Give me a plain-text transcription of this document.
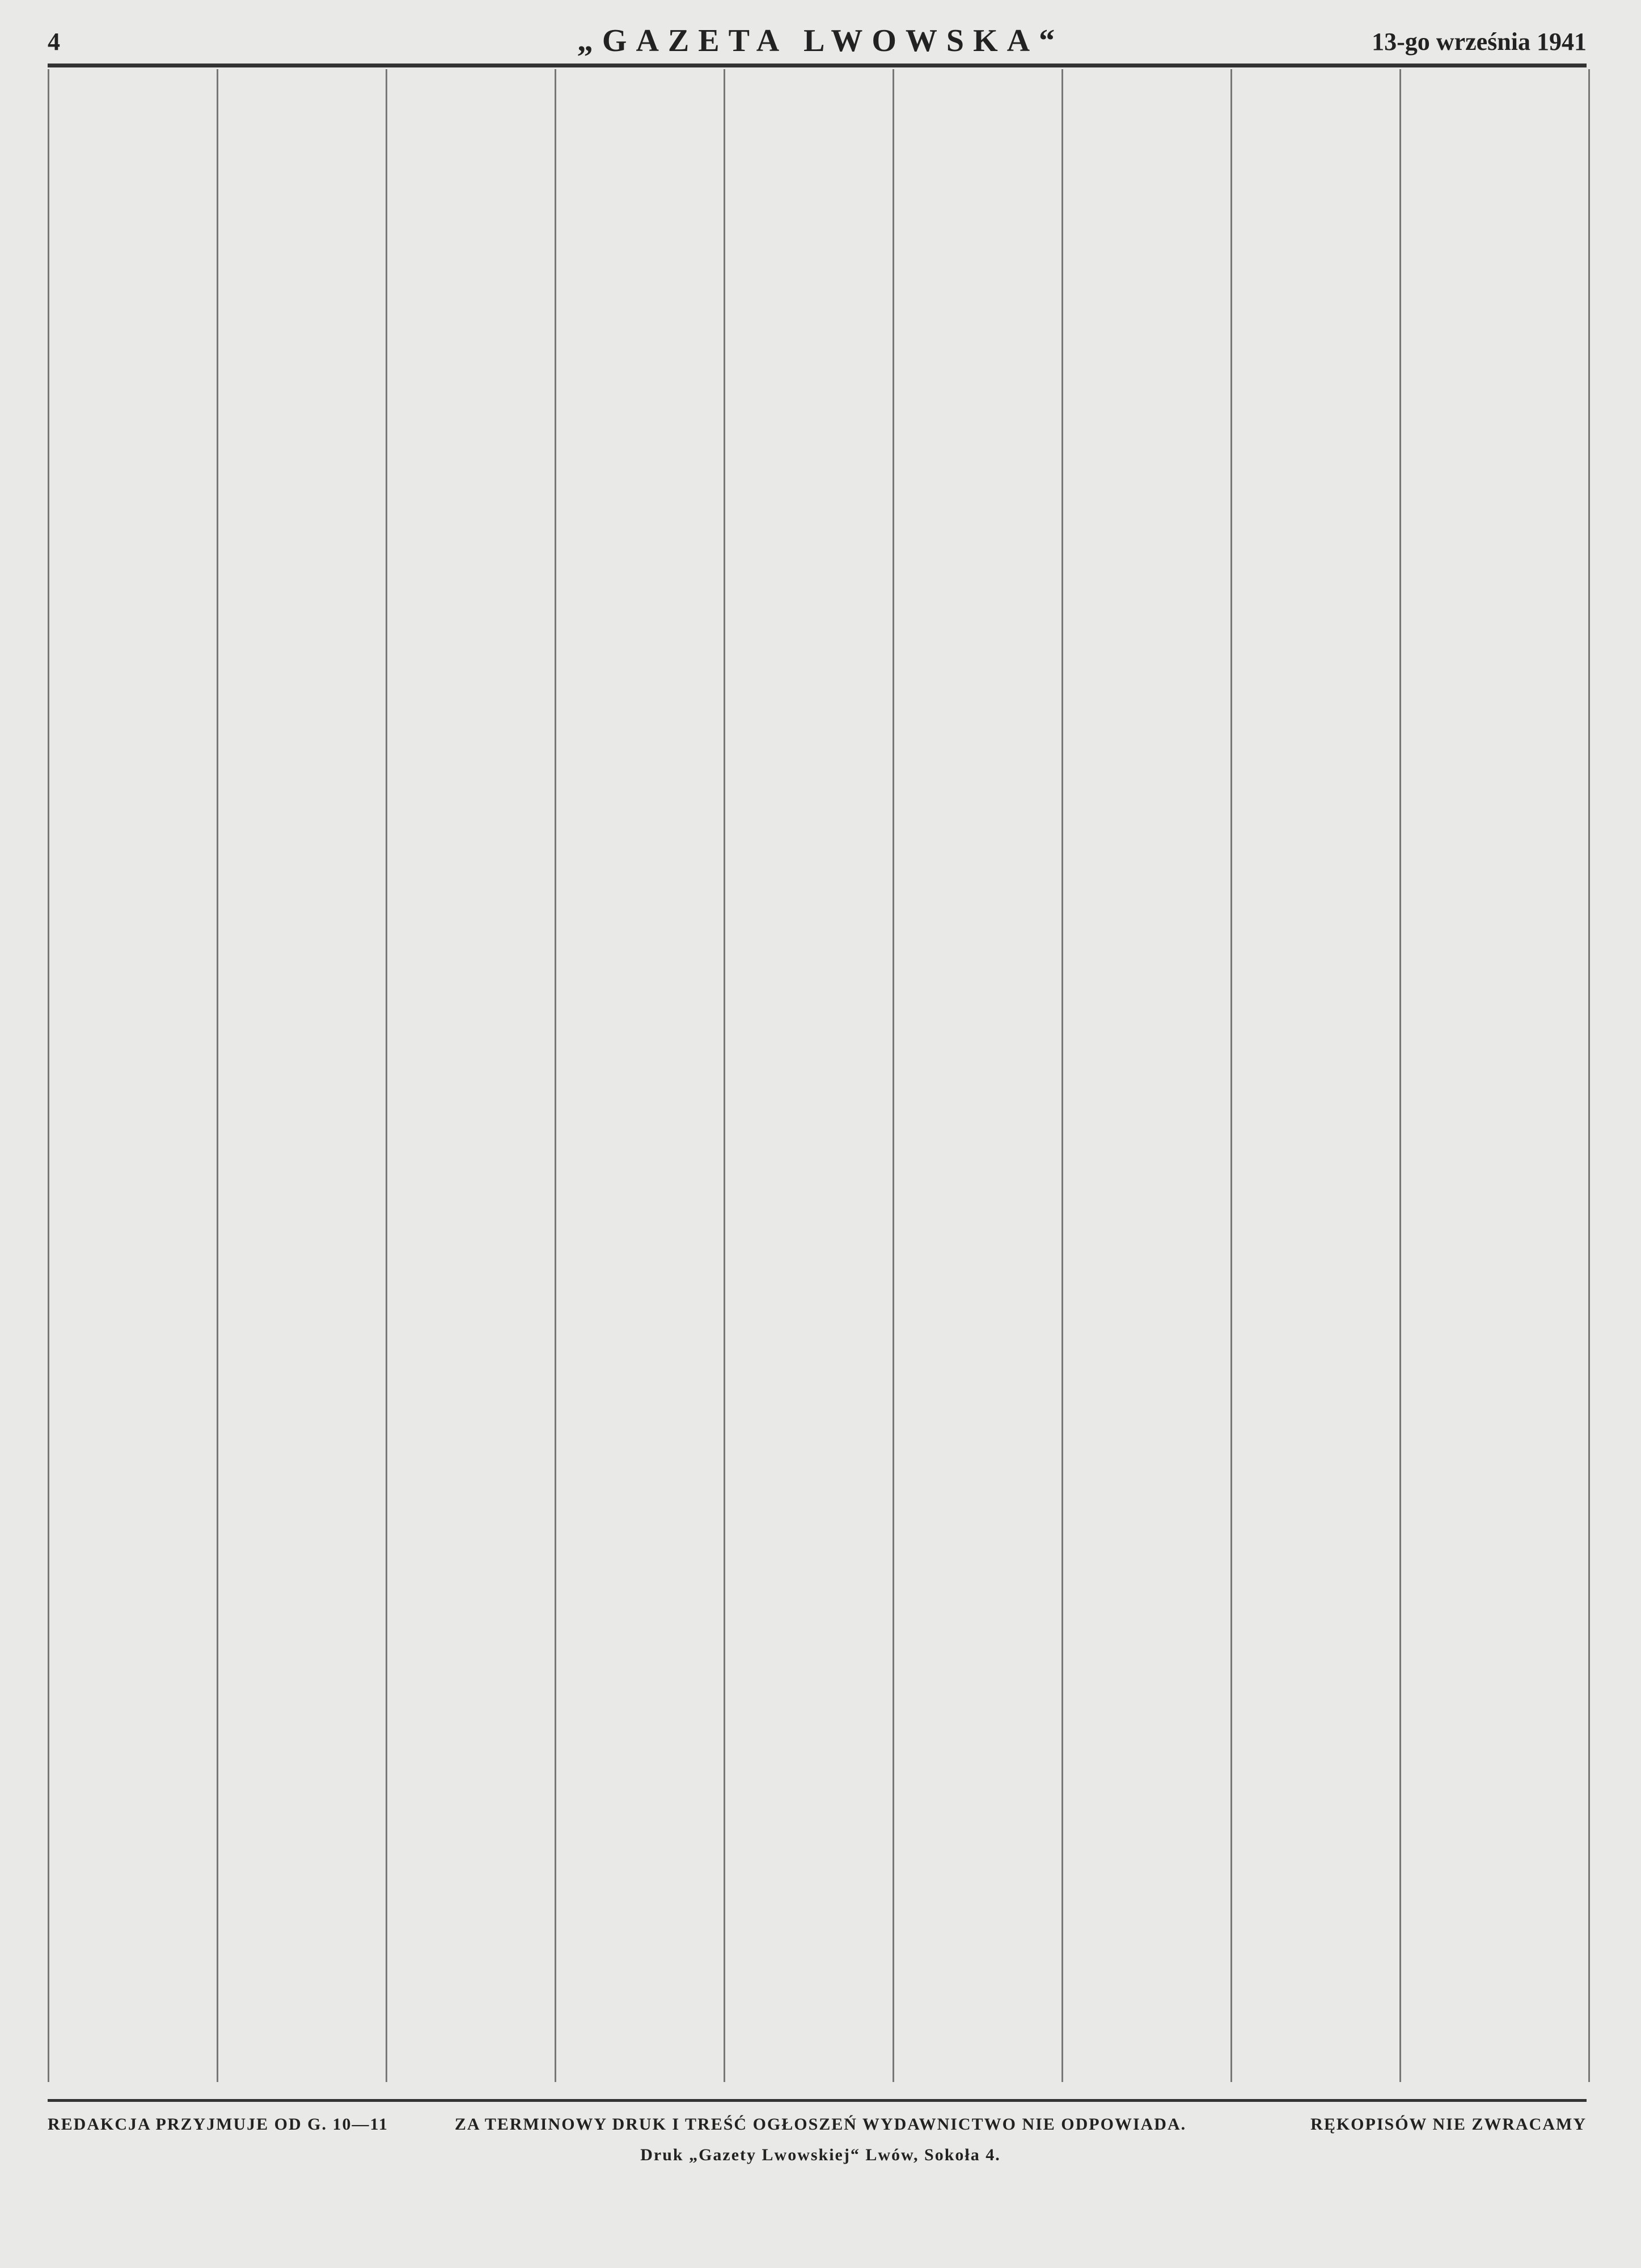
4	„GAZETA LWOWSKA“	13-go września 1941
REDAKCJA PRZYJMUJE OD G. 10—11	ZA TERMINOWY DRUK I TREŚĆ OGŁOSZEŃ WYDAWNICTWO NIE ODPOWIADA.	RĘKOPISÓW NIE ZWRACAMY
Druk „Gazety Lwowskiej“ Lwów, Sokoła 4.
